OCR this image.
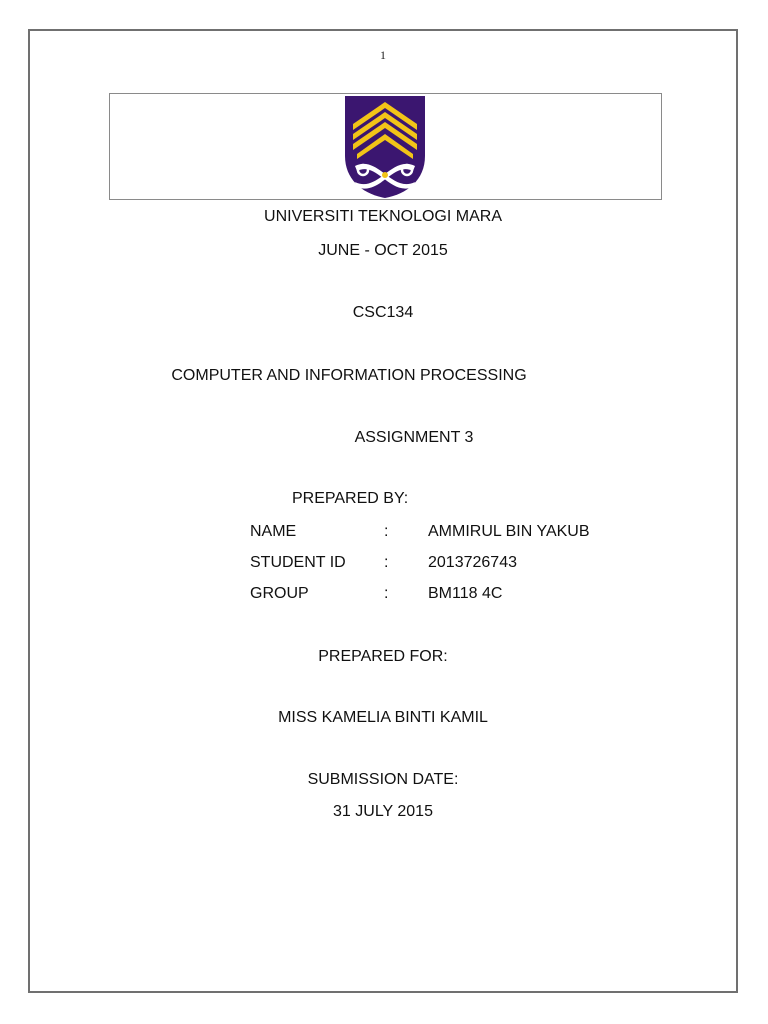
1
UNIVERSITI TEKNOLOGI MARA
JUNE - OCT 2015
CSC134
COMPUTER AND INFORMATION PROCESSING
ASSIGNMENT 3
PREPARED BY:
NAME	: AMMIRUL BIN YAKUB
STUDENT ID : 2013726743
GROUP	: BM118 4C
PREPARED FOR:
MISS KAMELIA BINTI KAMIL
SUBMISSION DATE:
31 JULY 2015
